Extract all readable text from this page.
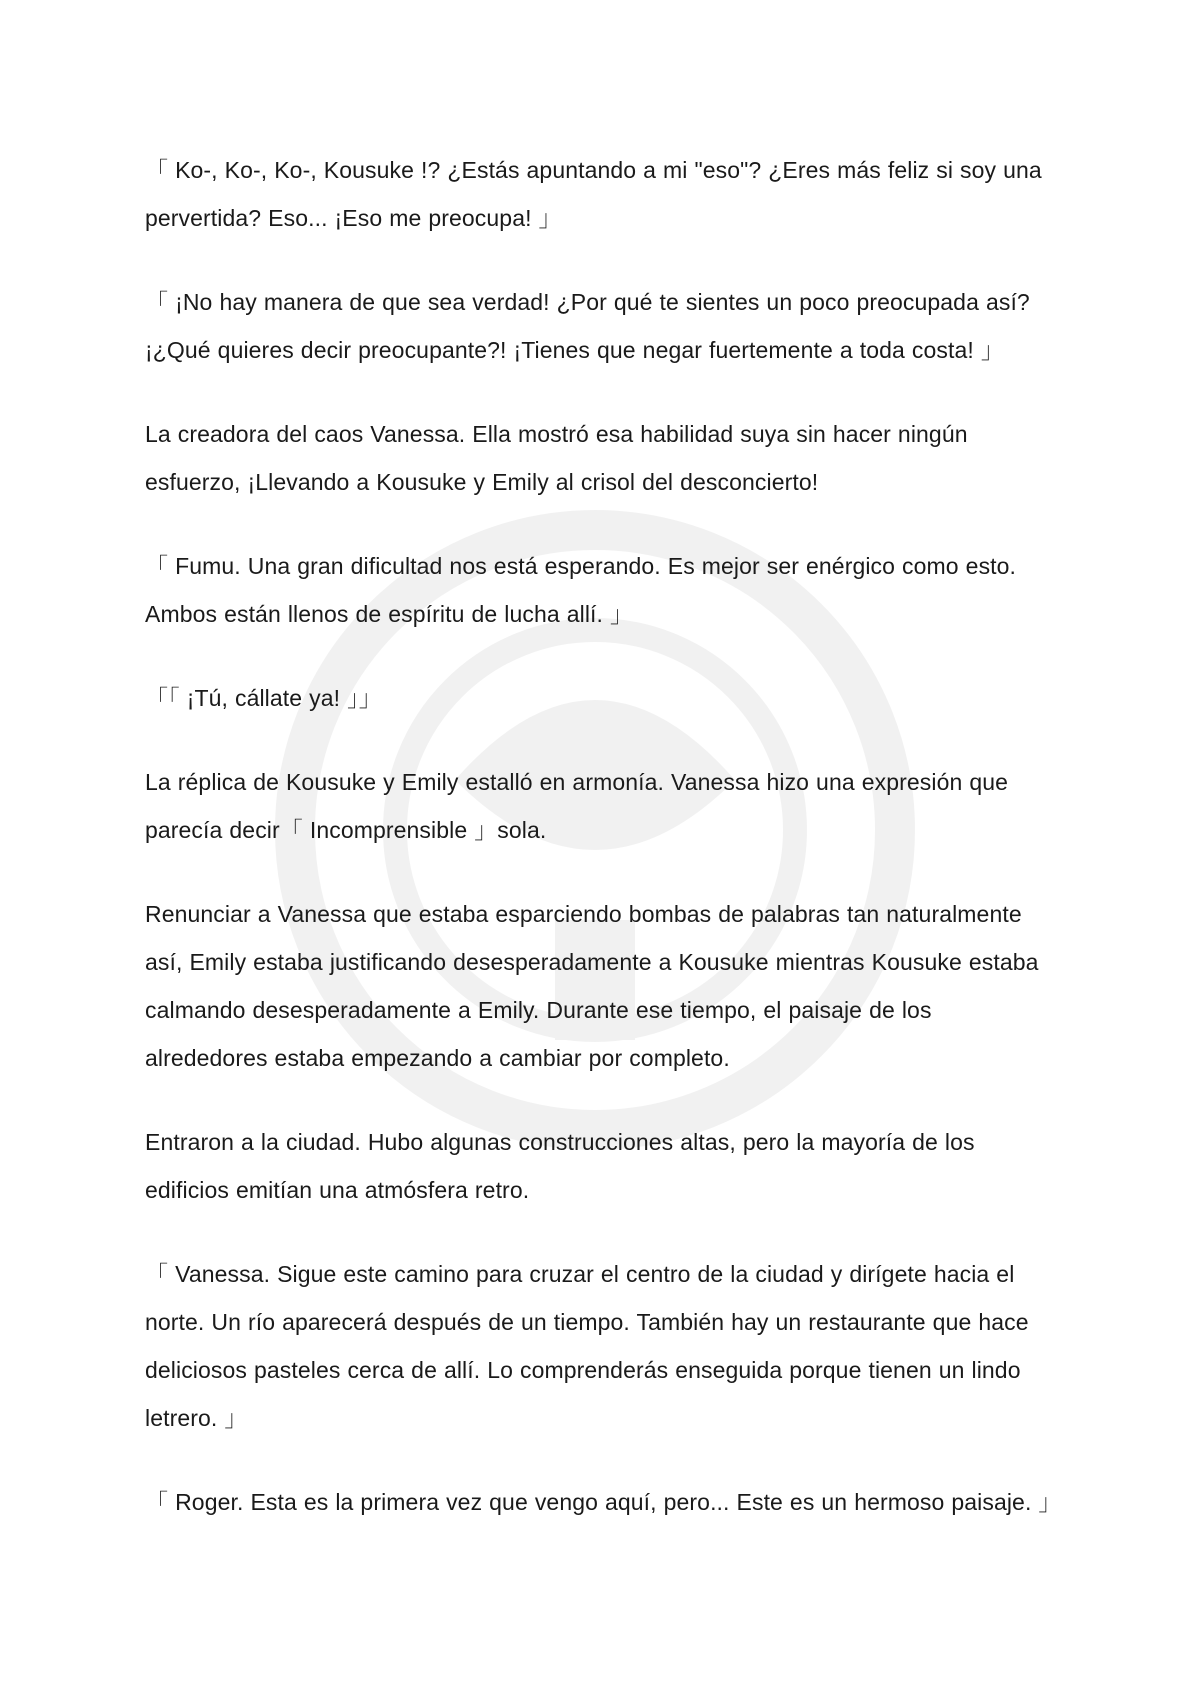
「 Ko-, Ko-, Ko-, Kousuke !? ¿Estás apuntando a mi "eso"? ¿Eres más feliz si soy una pervertida? Eso... ¡Eso me preocupa! 」

「 ¡No hay manera de que sea verdad! ¿Por qué te sientes un poco preocupada así? ¡¿Qué quieres decir preocupante?! ¡Tienes que negar fuertemente a toda costa! 」

La creadora del caos Vanessa. Ella mostró esa habilidad suya sin hacer ningún esfuerzo, ¡Llevando a Kousuke y Emily al crisol del desconcierto!

「 Fumu. Una gran dificultad nos está esperando. Es mejor ser enérgico como esto. Ambos están llenos de espíritu de lucha allí. 」

「「 ¡Tú, cállate ya! 」」

La réplica de Kousuke y Emily estalló en armonía. Vanessa hizo una expresión que parecía decir「 Incomprensible 」sola.

Renunciar a Vanessa que estaba esparciendo bombas de palabras tan naturalmente así, Emily estaba justificando desesperadamente a Kousuke mientras Kousuke estaba calmando desesperadamente a Emily. Durante ese tiempo, el paisaje de los alrededores estaba empezando a cambiar por completo.

Entraron a la ciudad. Hubo algunas construcciones altas, pero la mayoría de los edificios emitían una atmósfera retro.

「 Vanessa. Sigue este camino para cruzar el centro de la ciudad y dirígete hacia el norte. Un río aparecerá después de un tiempo. También hay un restaurante que hace deliciosos pasteles cerca de allí. Lo comprenderás enseguida porque tienen un lindo letrero. 」

「 Roger. Esta es la primera vez que vengo aquí, pero... Este es un hermoso paisaje. 」
